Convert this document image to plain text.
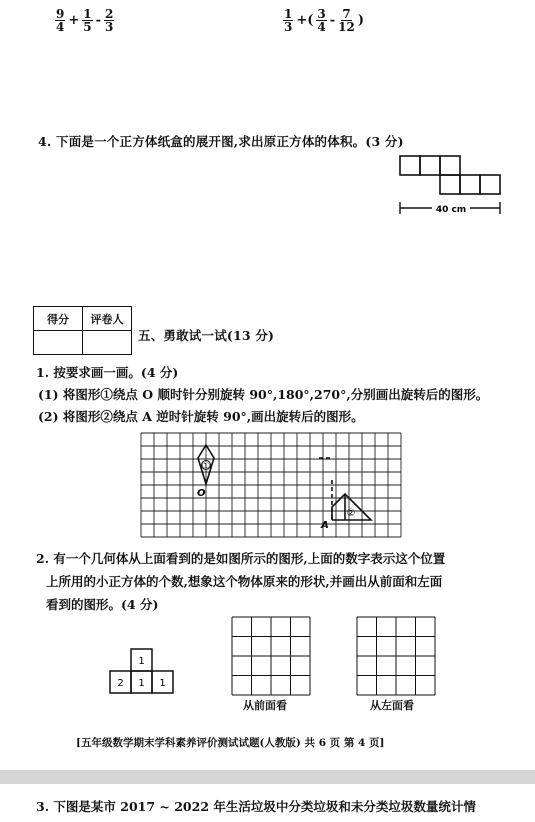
$\frac{9}{4} + \frac{1}{5} - \frac{2}{3}$	$\frac{1}{3}$ +( $\frac{3}{4} - \frac{7}{12}$ )
4. 下面是一个正方体纸盒的展开图,求出原正方体的体积。(3 分)
40 cm
得分	评卷人

五、勇敢试一试(13 分)
1. 按要求画一画。(4 分)
(1) 将图形①绕点 O 顺时针分别旋转 90°,180°,270°,分别画出旋转后的图形。
(2) 将图形②绕点 A 逆时针旋转 90°,画出旋转后的图形。
①
O
②
A
2. 有一个几何体从上面看到的是如图所示的图形,上面的数字表示这个位置
上所用的小正方体的个数,想象这个物体原来的形状,并画出从前面和左面
看到的图形。(4 分)
1
2 1 1
从前面看	从左面看
[五年级数学期末学科素养评价测试试题(人教版) 共 6 页 第 4 页]
3. 下图是某市 2017 ~ 2022 年生活垃圾中分类垃圾和未分类垃圾数量统计情
